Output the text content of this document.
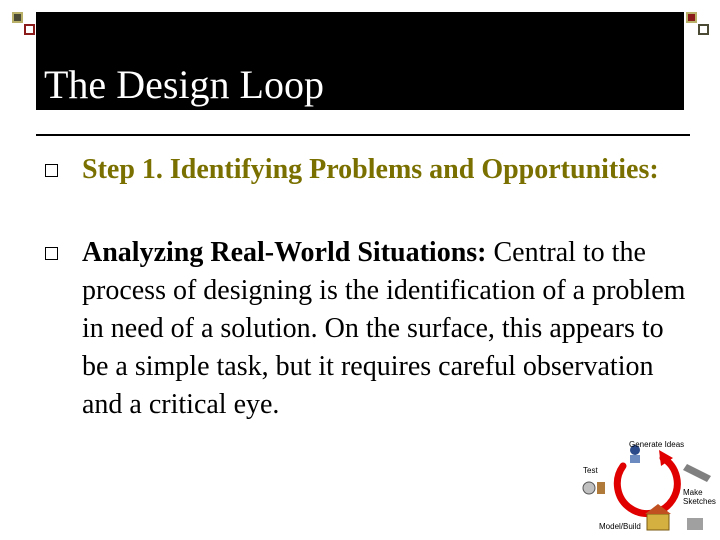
The Design Loop
Step 1. Identifying Problems and Opportunities:
Analyzing Real-World Situations: Central to the process of designing is the identification of a problem in need of a solution. On the surface, this appears to be a simple task, but it requires careful observation and a critical eye.
Generate Ideas
Test
Make Sketches
Model/Build
